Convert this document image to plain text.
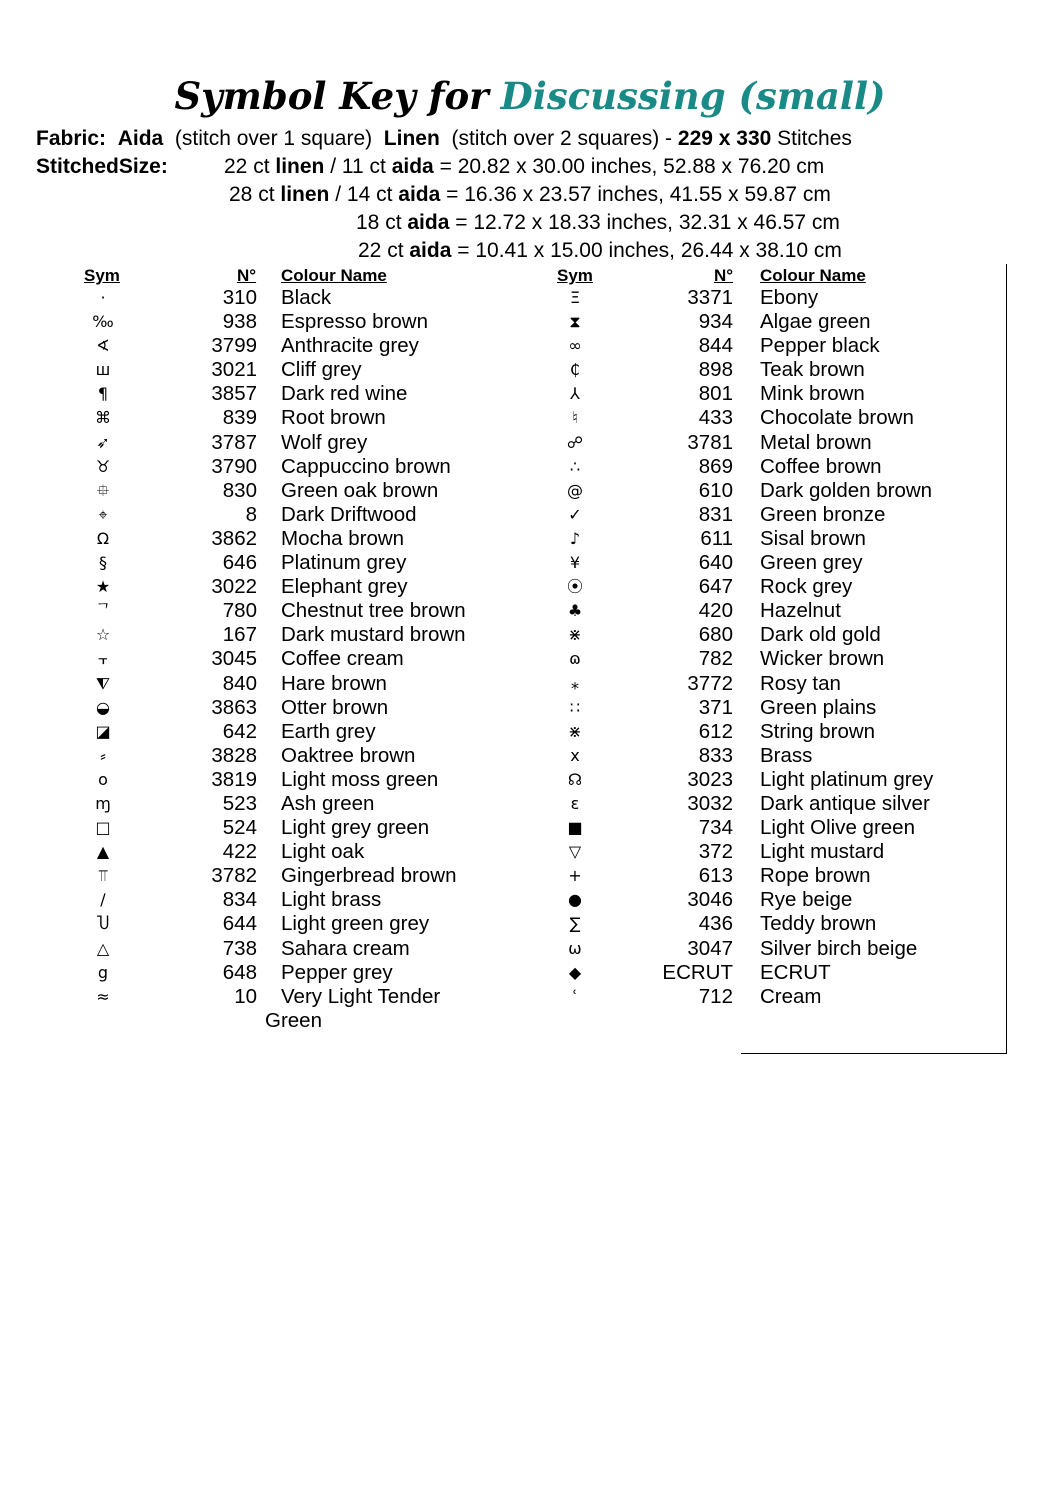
Symbol Key for Discussing (small)
Fabric: Aida (stitch over 1 square) Linen (stitch over 2 squares) - 229 x 330 Stitches
StitchedSize:	22 ct linen / 11 ct aida = 20.82 x 30.00 inches, 52.88 x 76.20 cm
28 ct linen / 14 ct aida = 16.36 x 23.57 inches, 41.55 x 59.87 cm
18 ct aida = 12.72 x 18.33 inches, 32.31 x 46.57 cm
22 ct aida = 10.41 x 15.00 inches, 26.44 x 38.10 cm
Sym	N° Colour Name	Sym	N° Colour Name
·	310 Black
‰	938 Espresso brown
∢	3799 Anthracite grey
ш	3021 Cliff grey
¶	3857 Dark red wine
⌘	839 Root brown
➶	3787 Wolf grey
♉	3790 Cappuccino brown
⯐	830 Green oak brown
⌖	8 Dark Driftwood
Ω	3862 Mocha brown
§	646 Platinum grey
★	3022 Elephant grey
ᄀ	780 Chestnut tree brown
☆	167 Dark mustard brown
⫟	3045 Coffee cream
⧨	840 Hare brown
◒	3863 Otter brown
◪	642 Earth grey
⸗	3828 Oaktree brown
o	3819 Light moss green
ɱ	523 Ash green
□	524 Light grey green
▲	422 Light oak
⫪	3782 Gingerbread brown
∕	834 Light brass
Ⴎ	644 Light green grey
△	738 Sahara cream
g	648 Pepper grey
≈	10 Very Light Tender
Green
Ξ	3371 Ebony
⧗	934 Algae green
∞	844 Pepper black
₵	898 Teak brown
⅄	801 Mink brown
♮	433 Chocolate brown
☍	3781 Metal brown
∴	869 Coffee brown
@	610 Dark golden brown
✓	831 Green bronze
♪	611 Sisal brown
¥	640 Green grey
⦿	647 Rock grey
♣	420 Hazelnut
⋇	680 Dark old gold
ɷ	782 Wicker brown
⁎	3772 Rosy tan
∷	371 Green plains
⋇	612 String brown
x	833 Brass
☊	3023 Light platinum grey
ɛ	3032 Dark antique silver
■	734 Light Olive green
▽	372 Light mustard
+	613 Rope brown
●	3046 Rye beige
∑	436 Teddy brown
ω	3047 Silver birch beige
◆	ECRUT ECRUT
ʿ	712 Cream
